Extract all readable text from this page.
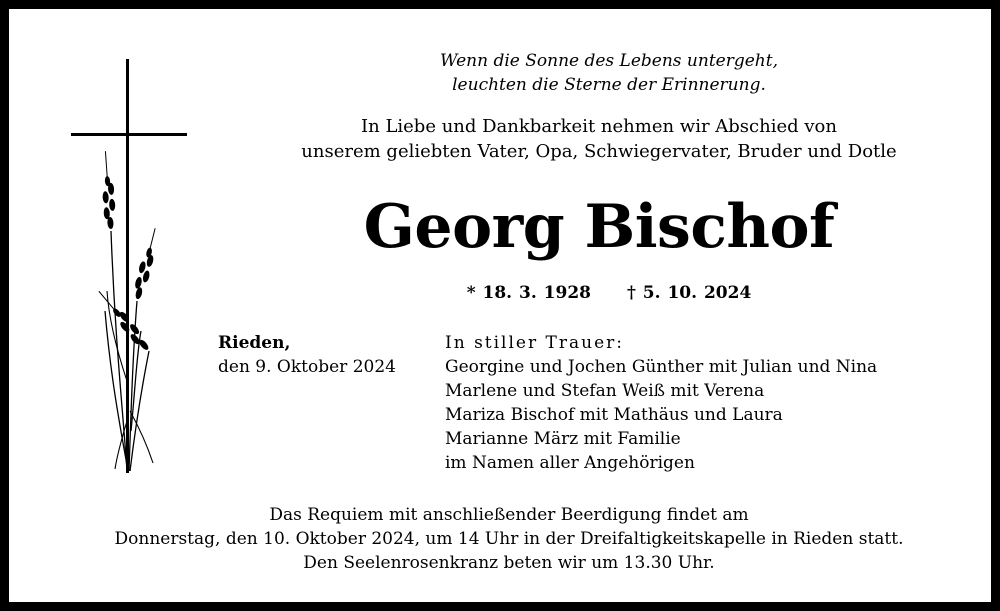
Wenn die Sonne des Lebens untergeht,
leuchten die Sterne der Erinnerung.
In Liebe und Dankbarkeit nehmen wir Abschied von
unserem geliebten Vater, Opa, Schwiegervater, Bruder und Dotle
Georg Bischof
* 18. 3. 1928 † 5. 10. 2024
Rieden,
den 9. Oktober 2024
In stiller Trauer:
Georgine und Jochen Günther mit Julian und Nina
Marlene und Stefan Weiß mit Verena
Mariza Bischof mit Mathäus und Laura
Marianne März mit Familie
im Namen aller Angehörigen
Das Requiem mit anschließender Beerdigung findet am
Donnerstag, den 10. Oktober 2024, um 14 Uhr in der Dreifaltigkeitskapelle in Rieden statt.
Den Seelenrosenkranz beten wir um 13.30 Uhr.
